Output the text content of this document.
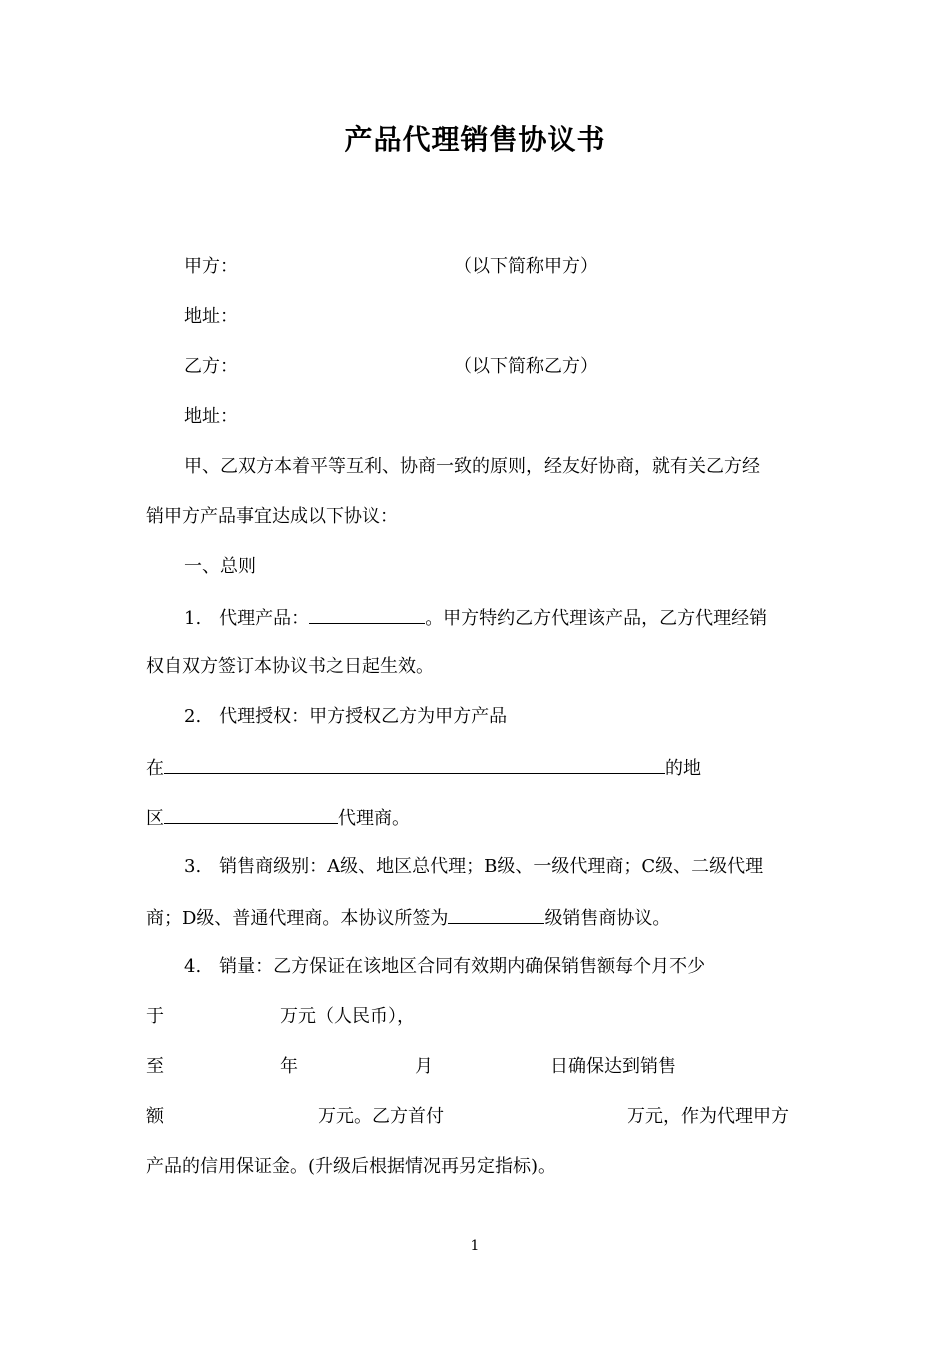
产品代理销售协议书
甲方：	（以下简称甲方）
地址：
乙方：	（以下简称乙方）
地址：
甲、乙双方本着平等互利、协商一致的原则，经友好协商，就有关乙方经
销甲方产品事宜达成以下协议：
一、总则
1.　代理产品：	。甲方特约乙方代理该产品，乙方代理经销
权自双方签订本协议书之日起生效。
2.　代理授权：甲方授权乙方为甲方产品
在	的地
区	代理商。
3.　销售商级别：A级、地区总代理；B级、一级代理商；C级、二级代理
商；D级、普通代理商。本协议所签为	级销售商协议。
4.　销量：乙方保证在该地区合同有效期内确保销售额每个月不少
于	万元（人民币），
至	年	月	日确保达到销售
额	万元。乙方首付	万元，作为代理甲方
产品的信用保证金。(升级后根据情况再另定指标)。
1
